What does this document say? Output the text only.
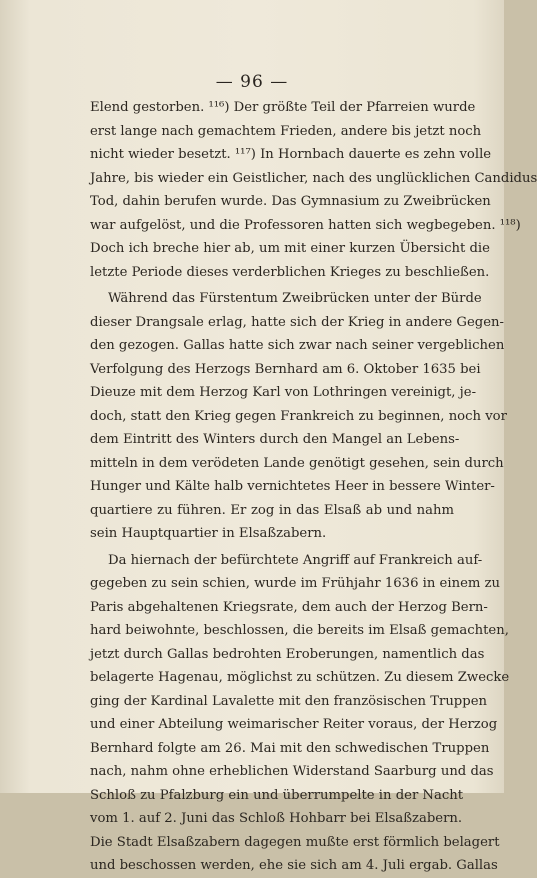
— 96 —
Elend gestorben. ¹¹⁶) Der größte Teil der Pfarreien wurde
erst lange nach gemachtem Frieden, andere bis jetzt noch
nicht wieder besetzt. ¹¹⁷) In Hornbach dauerte es zehn volle
Jahre, bis wieder ein Geistlicher, nach des unglücklichen Candidus
Tod, dahin berufen wurde. Das Gymnasium zu Zweibrücken
war aufgelöst, und die Professoren hatten sich wegbegeben. ¹¹⁸)
Doch ich breche hier ab, um mit einer kurzen Übersicht die
letzte Periode dieses verderblichen Krieges zu beschließen.
Während das Fürstentum Zweibrücken unter der Bürde
dieser Drangsale erlag, hatte sich der Krieg in andere Gegen-
den gezogen. Gallas hatte sich zwar nach seiner vergeblichen
Verfolgung des Herzogs Bernhard am 6. Oktober 1635 bei
Dieuze mit dem Herzog Karl von Lothringen vereinigt, je-
doch, statt den Krieg gegen Frankreich zu beginnen, noch vor
dem Eintritt des Winters durch den Mangel an Lebens-
mitteln in dem verödeten Lande genötigt gesehen, sein durch
Hunger und Kälte halb vernichtetes Heer in bessere Winter-
quartiere zu führen. Er zog in das Elsaß ab und nahm
sein Hauptquartier in Elsaßzabern.
Da hiernach der befürchtete Angriff auf Frankreich auf-
gegeben zu sein schien, wurde im Frühjahr 1636 in einem zu
Paris abgehaltenen Kriegsrate, dem auch der Herzog Bern-
hard beiwohnte, beschlossen, die bereits im Elsaß gemachten,
jetzt durch Gallas bedrohten Eroberungen, namentlich das
belagerte Hagenau, möglichst zu schützen. Zu diesem Zwecke
ging der Kardinal Lavalette mit den französischen Truppen
und einer Abteilung weimarischer Reiter voraus, der Herzog
Bernhard folgte am 26. Mai mit den schwedischen Truppen
nach, nahm ohne erheblichen Widerstand Saarburg und das
Schloß zu Pfalzburg ein und überrumpelte in der Nacht
vom 1. auf 2. Juni das Schloß Hohbarr bei Elsaßzabern.
Die Stadt Elsaßzabern dagegen mußte erst förmlich belagert
und beschossen werden, ehe sie sich am 4. Juli ergab. Gallas
